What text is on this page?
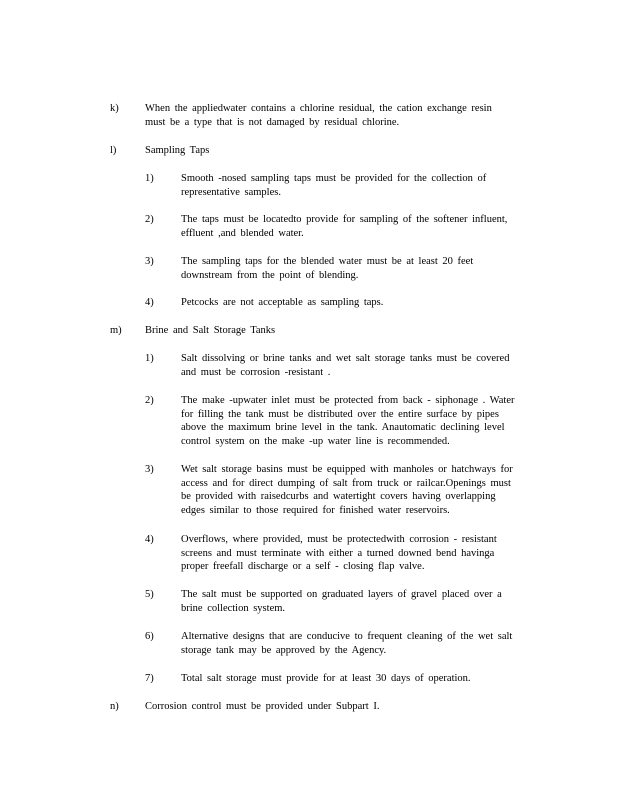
k)	When the appliedwater contains a chlorine residual, the cation exchange resin
must be a type that is not damaged by residual chlorine.
l)	Sampling Taps
1)	Smooth -nosed sampling taps must be provided for the collection of
representative samples.
2)	The taps must be locatedto provide for sampling of the softener influent,
effluent ,and blended water.
3)	The sampling taps for the blended water must be at least 20 feet
downstream from the point of blending.
4)	Petcocks are not acceptable as sampling taps.
m) Brine and Salt Storage Tanks
1)	Salt dissolving or brine tanks and wet salt storage tanks must be covered
and must be corrosion -resistant .
2)	The make -upwater inlet must be protected from back - siphonage . Water
for filling the tank must be distributed over the entire surface by pipes
above the maximum brine level in the tank. Anautomatic declining level
control system on the make -up water line is recommended.
3)	Wet salt storage basins must be equipped with manholes or hatchways for
access and for direct dumping of salt from truck or railcar.Openings must
be provided with raisedcurbs and watertight covers having overlapping
edges similar to those required for finished water reservoirs.
4)	Overflows, where provided, must be protectedwith corrosion - resistant
screens and must terminate with either a turned downed bend havinga
proper freefall discharge or a self - closing flap valve.
5)	The salt must be supported on graduated layers of gravel placed over a
brine collection system.
6)	Alternative designs that are conducive to frequent cleaning of the wet salt
storage tank may be approved by the Agency.
7)	Total salt storage must provide for at least 30 days of operation.
n)	Corrosion control must be provided under Subpart I.
